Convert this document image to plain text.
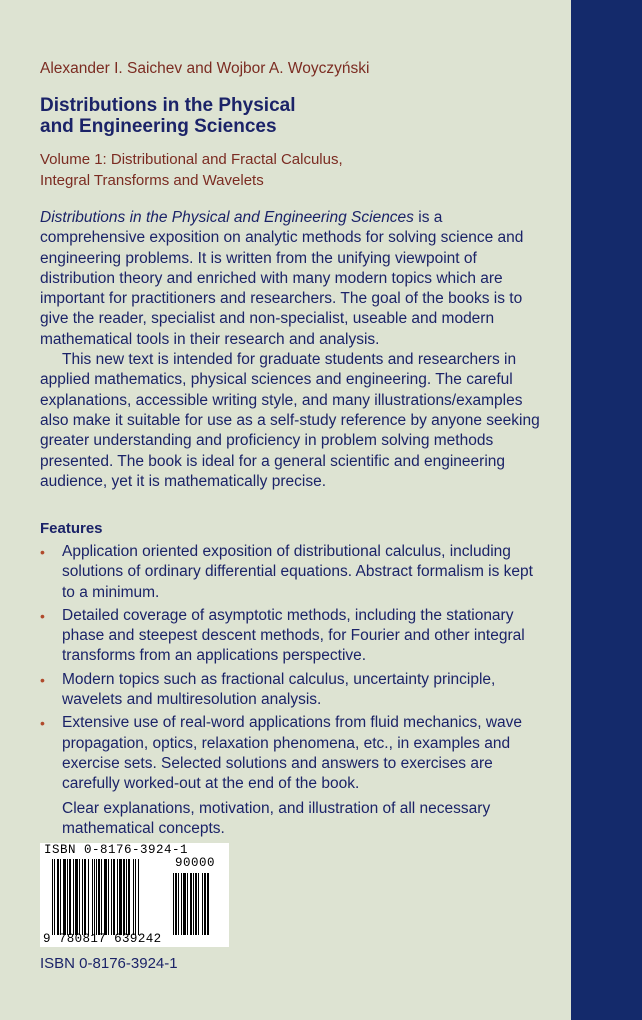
Alexander I. Saichev and Wojbor A. Woyczyński
Distributions in the Physical
and Engineering Sciences
Volume 1: Distributional and Fractal Calculus,
Integral Transforms and Wavelets

Distributions in the Physical and Engineering Sciences is a comprehensive exposition on analytic methods for solving science and engineering problems. It is written from the unifying viewpoint of distribution theory and enriched with many modern topics which are important for practitioners and researchers. The goal of the books is to give the reader, specialist and non-specialist, useable and modern mathematical tools in their research and analysis.

This new text is intended for graduate students and researchers in applied mathematics, physical sciences and engineering. The careful explanations, accessible writing style, and many illustrations/examples also make it suitable for use as a self-study reference by anyone seeking greater understanding and proficiency in problem solving methods presented. The book is ideal for a general scientific and engineering audience, yet it is mathematically precise.

Features
• Application oriented exposition of distributional calculus, including solutions of ordinary differential equations. Abstract formalism is kept to a minimum.
• Detailed coverage of asymptotic methods, including the stationary phase and steepest descent methods, for Fourier and other integral transforms from an applications perspective.
• Modern topics such as fractional calculus, uncertainty principle, wavelets and multiresolution analysis.
• Extensive use of real-word applications from fluid mechanics, wave propagation, optics, relaxation phenomena, etc., in examples and exercise sets. Selected solutions and answers to exercises are carefully worked-out at the end of the book.
Clear explanations, motivation, and illustration of all necessary mathematical concepts.
ISBN 0-8176-3924-1
90000
9 780817 639242
ISBN 0-8176-3924-1
